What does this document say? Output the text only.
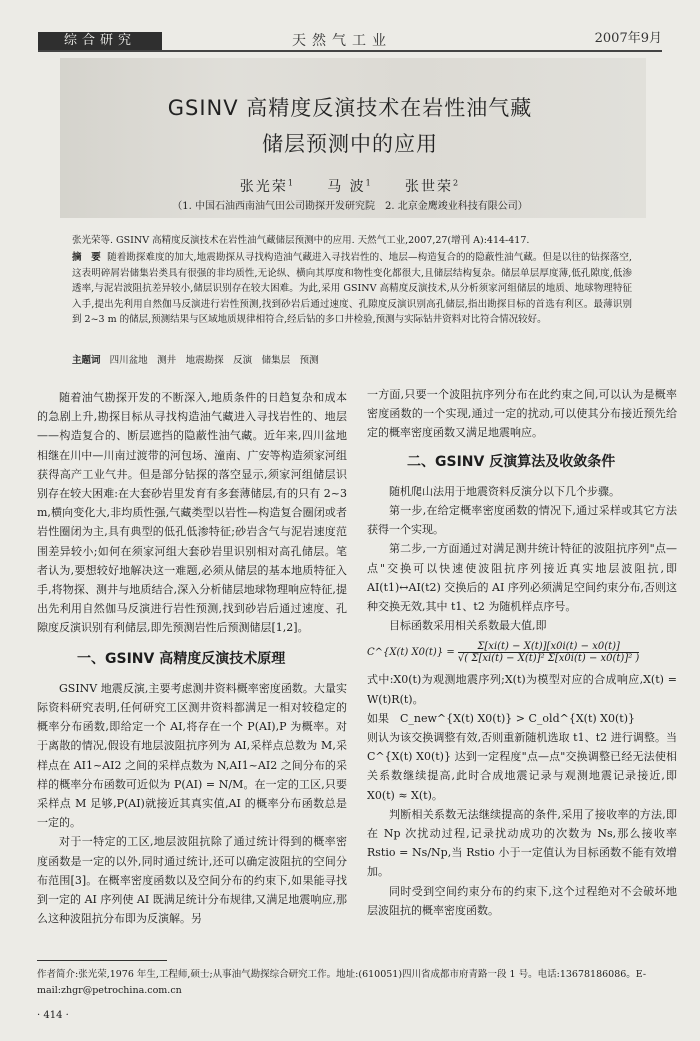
综合研究	天然气工业	2007年9月
GSINV 高精度反演技术在岩性油气藏
储层预测中的应用
张光荣$^1$ 马 波$^1$ 张世荣$^2$
（1. 中国石油西南油气田公司勘探开发研究院　2. 北京金鹰竣业科技有限公司）
张光荣等. GSINV 高精度反演技术在岩性油气藏储层预测中的应用. 天然气工业,2007,27(增刊 A):414-417.
摘　要 随着勘探难度的加大,地震勘探从寻找构造油气藏进入寻找岩性的、地层—构造复合的的隐蔽性油气藏。但是以往的钻探落空,这表明碎屑岩储集岩类具有很强的非均质性,无论纵、横向其厚度和物性变化都很大,且储层结构复杂。储层单层厚度薄,低孔隙度,低渗透率,与泥岩波阻抗差异较小,储层识别存在较大困难。为此,采用 GSINV 高精度反演技术,从分析须家河组储层的地质、地球物理特征入手,提出先利用自然伽马反演进行岩性预测,找到砂岩后通过速度、孔隙度反演识别高孔储层,指出勘探目标的首选有利区。最薄识别到 2~3 m 的储层,预测结果与区域地质规律相符合,经后钻的多口井检验,预测与实际钻井资料对比符合情况较好。
主题词 四川盆地　测井　地震勘探　反演　储集层　预测

随着油气勘探开发的不断深入,地质条件的日趋复杂和成本的急剧上升,勘探目标从寻找构造油气藏进入寻找岩性的、地层——构造复合的、断层遮挡的隐蔽性油气藏。近年来,四川盆地相继在川中—川南过渡带的河包场、潼南、广安等构造须家河组获得高产工业气井。但是部分钻探的落空显示,须家河组储层识别存在较大困难:在大套砂岩里发育有多套薄储层,有的只有 2~3 m,横向变化大,非均质性强,气藏类型以岩性—构造复合圈闭或者岩性圈闭为主,具有典型的低孔低渗特征;砂岩含气与泥岩速度范围差异较小;如何在须家河组大套砂岩里识别相对高孔储层。笔者认为,要想较好地解决这一难题,必须从储层的基本地质特征入手,将物探、测井与地质结合,深入分析储层地球物理响应特征,提出先利用自然伽马反演进行岩性预测,找到砂岩后通过速度、孔隙度反演识别有利储层,即先预测岩性后预测储层[1,2]。

一、GSINV 高精度反演技术原理

GSINV 地震反演,主要考虑测井资料概率密度函数。大量实际资料研究表明,任何研究工区测井资料都满足一相对较稳定的概率分布函数,即给定一个 AI,将存在一个 P(AI),P 为概率。对于离散的情况,假设有地层波阻抗序列为 AI,采样点总数为 M,采样点在 AI1~AI2 之间的采样点数为 N,AI1~AI2 之间分布的采样的概率分布函数可近似为 P(AI) = N/M。在一定的工区,只要采样点 M 足够,P(AI)就接近其真实值,AI 的概率分布函数总是一定的。

对于一特定的工区,地层波阻抗除了通过统计得到的概率密度函数是一定的以外,同时通过统计,还可以确定波阻抗的空间分布范围[3]。在概率密度函数以及空间分布的约束下,如果能寻找到一定的 AI 序列使 AI 既满足统计分布规律,又满足地震响应,那么这种波阻抗分布即为反演解。另

一方面,只要一个波阻抗序列分布在此约束之间,可以认为是概率密度函数的一个实现,通过一定的扰动,可以使其分布接近预先给定的概率密度函数又满足地震响应。

二、GSINV 反演算法及收敛条件

随机爬山法用于地震资料反演分以下几个步骤。

第一步,在给定概率密度函数的情况下,通过采样或其它方法获得一个实现。

第二步,一方面通过对满足测井统计特征的波阻抗序列"点—点"交换可以快速使波阻抗序列接近真实地层波阻抗,即 AI(t1)↔AI(t2) 交换后的 AI 序列必须满足空间约束分布,否则这种交换无效,其中 t1、t2 为随机样点序号。

目标函数采用相关系数最大值,即

C^{X(t) $X0(t)\} = \frac{\Sigma[xi(t) - X(t)][x0i(t) - x0(t)]}{\text{√( Σ[xi(t) − X(t)]² Σ[x0i(t) − x0(t)]² )}}$

式中:X0(t)为观测地震序列;X(t)为模型对应的合成响应,X(t) = W(t)R(t)。

如果　C_new^{X(t) X0(t)} > C_old^{X(t) X0(t)}

则认为该交换调整有效,否则重新随机选取 t1、t2 进行调整。当 C^{X(t) X0(t)} 达到一定程度"点—点"交换调整已经无法使相关系数继续提高,此时合成地震记录与观测地震记录接近,即 X0(t) ≈ X(t)。

判断相关系数无法继续提高的条件,采用了接收率的方法,即在 Np 次扰动过程,记录扰动成功的次数为 Ns,那么接收率 Rstio = Ns/Np,当 Rstio 小于一定值认为目标函数不能有效增加。

同时受到空间约束分布的约束下,这个过程绝对不会破坏地层波阻抗的概率密度函数。

作者简介:张光荣,1976 年生,工程师,硕士;从事油气勘探综合研究工作。地址:(610051)四川省成都市府青路一段 1 号。电话:13678186086。E-mail:zhgr@petrochina.com.cn
· 414 ·
